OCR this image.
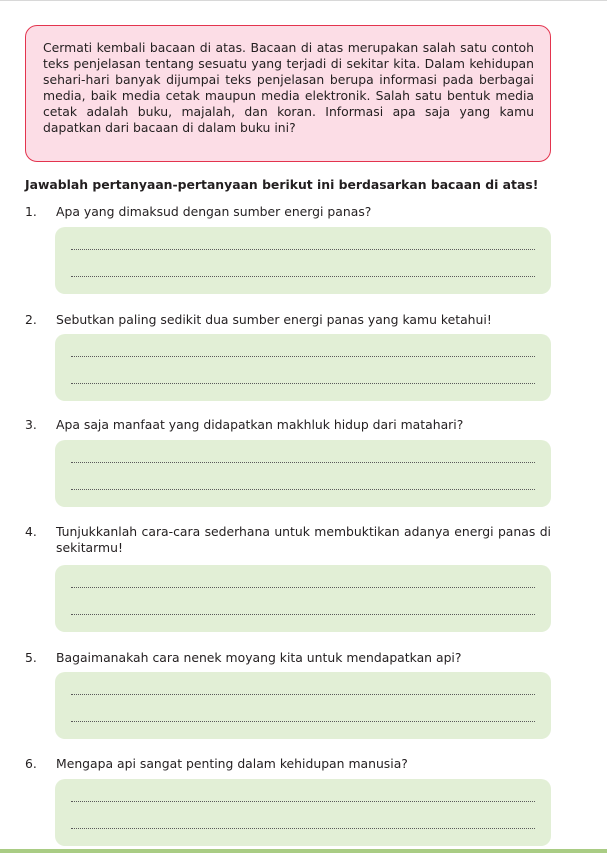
Cermati kembali bacaan di atas. Bacaan di atas merupakan salah satu contoh teks penjelasan tentang sesuatu yang terjadi di sekitar kita. Dalam kehidupan sehari-hari banyak dijumpai teks penjelasan berupa informasi pada berbagai media, baik media cetak maupun media elektronik. Salah satu bentuk media cetak adalah buku, majalah, dan koran. Informasi apa saja yang kamu dapatkan dari bacaan di dalam buku ini?
Jawablah pertanyaan-pertanyaan berikut ini berdasarkan bacaan di atas!
1. Apa yang dimaksud dengan sumber energi panas?
2. Sebutkan paling sedikit dua sumber energi panas yang kamu ketahui!
3. Apa saja manfaat yang didapatkan makhluk hidup dari matahari?
4. Tunjukkanlah cara-cara sederhana untuk membuktikan adanya energi panas di sekitarmu!
5. Bagaimanakah cara nenek moyang kita untuk mendapatkan api?
6. Mengapa api sangat penting dalam kehidupan manusia?
